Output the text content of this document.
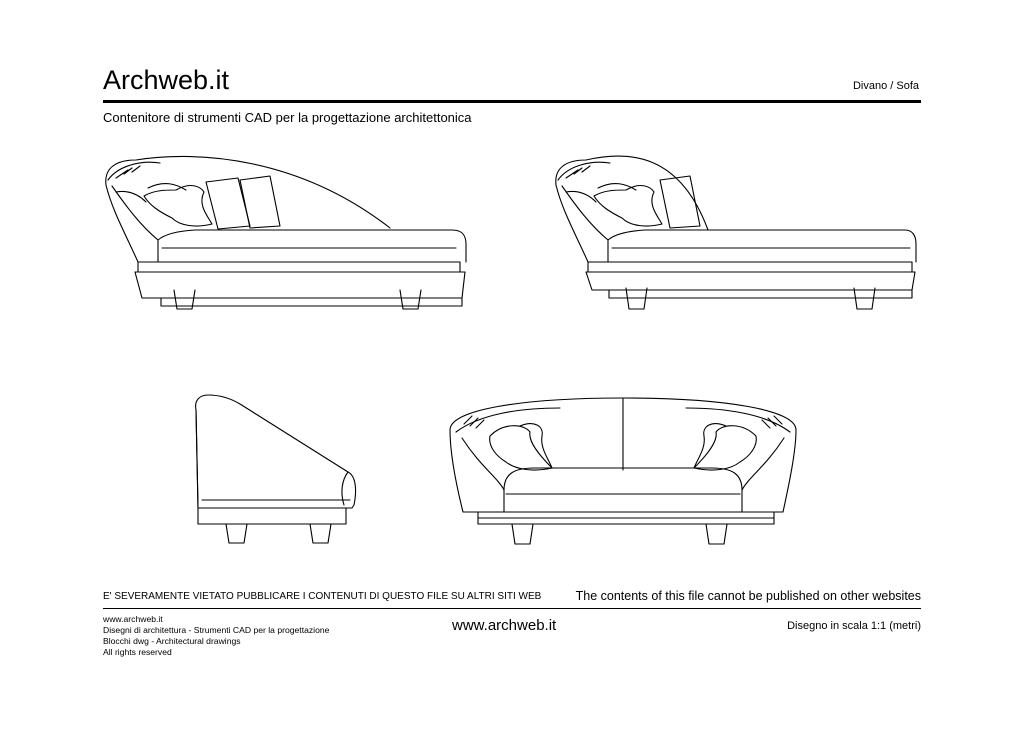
Archweb.it	Divano / Sofa
Contenitore di strumenti CAD per la progettazione architettonica
E' SEVERAMENTE VIETATO PUBBLICARE I CONTENUTI DI QUESTO FILE SU ALTRI SITI WEB	The contents of this file cannot be published on other websites
www.archweb.it
Disegni di architettura - Strumenti CAD per la progettazione
Blocchi dwg - Architectural drawings
All rights reserved
www.archweb.it	Disegno in scala 1:1 (metri)
